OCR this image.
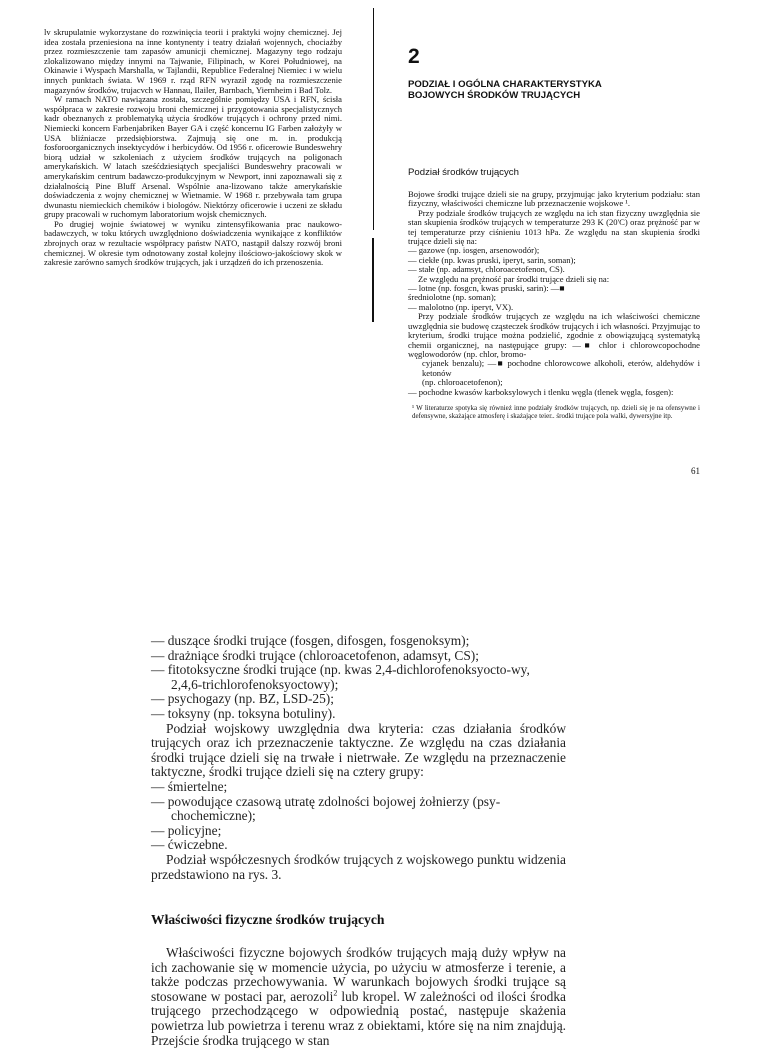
lv skrupulatnie wykorzystane do rozwinięcia teorii i praktyki wojny chemicznej. Jej idea została przeniesiona na inne kontynenty i teatry działań wojennych, chociażby przez rozmieszczenie tam zapasów amunicji chemicznej. Magazyny tego rodzaju zlokalizowano między innymi na Tajwanie, Filipinach, w Korei Południowej, na Okinawie i Wyspach Marshalla, w Tajlandii, Republice Federalnej Niemiec i w wielu innych punktach świata. W 1969 r. rząd RFN wyraził zgodę na rozmieszczenie magazynów środków, trujacvch w Hannau, Ilailer, Barnbach, Yiernheim i Bad Tolz.

W ramach NATO nawiązana została, szczególnie pomiędzy USA i RFN, ścisła współpraca w zakresie rozwoju broni chemicznej i przygotowania specjalistycznych kadr obeznanych z problematyką użycia środków trujących i ochrony przed nimi. Niemiecki koncern Farbenjabriken Bayer GA i część koncernu IG Farben założyły w USA bliźniacze przedsiębiorstwa. Zajmują się one m. in. produkcją fosforoorganicznych insektycydów i herbicydów. Od 1956 r. oficerowie Bundeswehry biorą udział w szkoleniach z użyciem środków trujących na poligonach amerykańskich. W latach sześćdziesiątych specjaliści Bundeswehry pracowali w amerykańskim centrum badawczo-produkcyjnym w Newport, inni zapoznawali się z działalnością Pine Bluff Arsenal. Wspólnie ana-lizowano także amerykańskie doświadczenia z wojny chemicznej w Wietnamie. W 1968 r. przebywała tam grupa dwunastu niemieckich chemików i biologów. Niektórzy oficerowie i uczeni ze składu grupy pracowali w ruchomym laboratorium wojsk chemicznych.

Po drugiej wojnie światowej w wyniku zintensyfikowania prac naukowo-badawczych, w toku których uwzględniono doświadczenia wynikające z konfliktów zbrojnych oraz w rezultacie współpracy państw NATO, nastąpił dalszy rozwój broni chemicznej. W okresie tym odnotowany został kolejny ilościowo-jakościowy skok w zakresie zarówno samych środków trujących, jak i urządzeń do ich przenoszenia.

2
PODZIAŁ I OGÓLNA CHARAKTERYSTYKA
BOJOWYCH ŚRODKÓW TRUJĄCYCH
Podział środków trujących

Bojowe środki trujące dzieli sie na grupy, przyjmując jako kryterium podziału: stan fizyczny, właściwości chemiczne lub przeznaczenie wojskowe ¹.

Przy podziale środków trujących ze względu na ich stan fizyczny uwzględnia sie stan skupienia środków trujących w temperaturze 293 K (20'C) oraz prężność par w tej temperaturze przy ciśnieniu 1013 hPa. Ze względu na stan skupienia środki trujące dzieli się na:

— gazowe (np. iosgen, arsenowodór);

— ciekłe (np. kwas pruski, iperyt, sarin, soman);

— stałe (np. adamsyt, chloroacetofenon, CS).

Ze względu na prężność par środki trujące dzieli się na:

— lotne (np. fosgcn, kwas pruski, sarin): —■

średniolotne (np. soman);

— malolotno (np. iperyt, VX).

Przy podziale środków trujących ze względu na ich właściwości chemiczne uwzględnia sie budowę cząsteczek środków trujących i ich własności. Przyjmując to kryterium, środki trujące można podzielić, zgodnie z obowiązującą systematyką chemii organicznej, na następujące grupy: —■ chlor i chlorowcopochodne węglowodorów (np. chlor, bromo-

cyjanek benzalu); —■ pochodne chlorowcowe alkoholi, eterów, aldehydów i ketonów

(np. chloroacetofenon);

— pochodne kwasów karboksylowych i tlenku węgla (tlenek węgla, fosgen):

¹ W literaturze spotyka się również inne podziały środków trujących, np. dzieli się je na ofensywne i defensywne, skażające atmosferę i skażające teier.. środki trujące pola walki, dywersyjne itp.
61

— duszące środki trujące (fosgen, difosgen, fosgenoksym);

— drażniące środki trujące (chloroacetofenon, adamsyt, CS);

— fitotoksyczne środki trujące (np. kwas 2,4-dichlorofenoksyocto-wy,

2,4,6-trichlorofenoksyoctowy);

— psychogazy (np. BZ, LSD-25);

— toksyny (np. toksyna botuliny).

Podział wojskowy uwzględnia dwa kryteria: czas działania środków trujących oraz ich przeznaczenie taktyczne. Ze względu na czas działania środki trujące dzieli się na trwałe i nietrwałe. Ze względu na przeznaczenie taktyczne, środki trujące dzieli się na cztery grupy:

— śmiertelne;

— powodujące czasową utratę zdolności bojowej żołnierzy (psy-

chochemiczne);

— policyjne;

— ćwiczebne.

Podział współczesnych środków trujących z wojskowego punktu widzenia przedstawiono na rys. 3.

Właściwości fizyczne środków trujących

Właściwości fizyczne bojowych środków trujących mają duży wpływ na ich zachowanie się w momencie użycia, po użyciu w atmosferze i terenie, a także podczas przechowywania. W warunkach bojowych środki trujące są stosowane w postaci par, aerozoli$^2$ lub kropel. W zależności od ilości środka trującego przechodzącego w odpowiednią postać, następuje skażenia powietrza lub powietrza i terenu wraz z obiektami, które się na nim znajdują. Przejście środka trującego w stan
